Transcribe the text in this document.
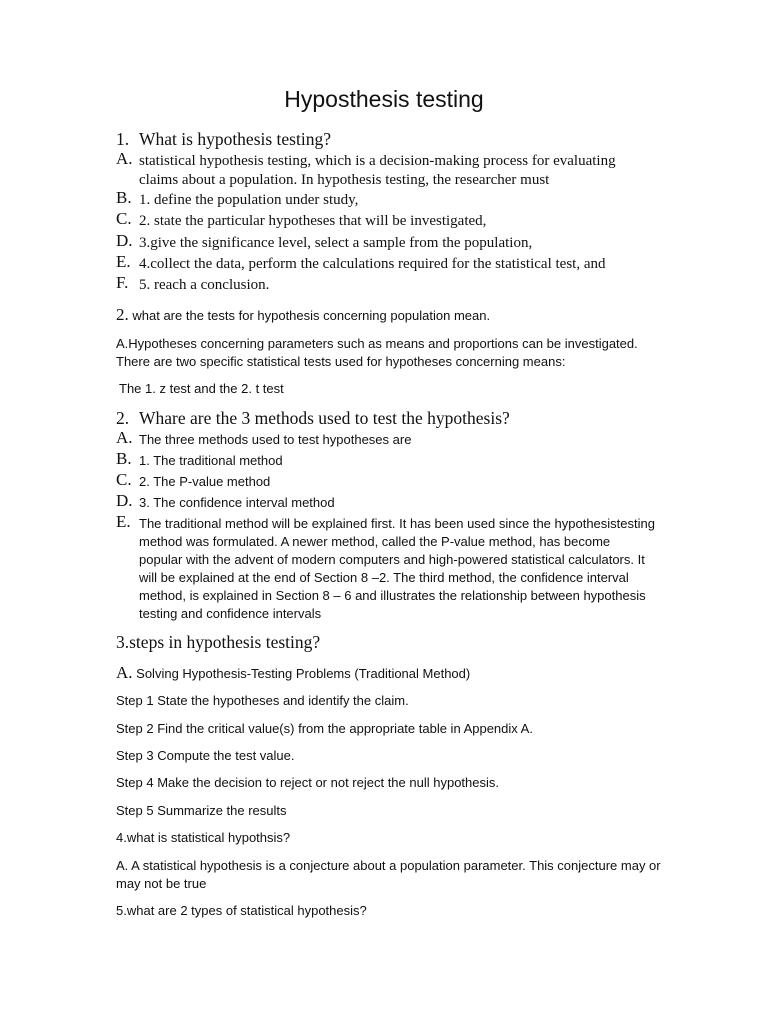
Hyposthesis testing
1. What is hypothesis testing?
A. statistical hypothesis testing, which is a decision-making process for evaluating claims about a population. In hypothesis testing, the researcher must
B. 1. define the population under study,
C. 2. state the particular hypotheses that will be investigated,
D. 3.give the significance level, select a sample from the population,
E. 4.collect the data, perform the calculations required for the statistical test, and
F. 5. reach a conclusion.
2. what are the tests for hypothesis concerning population mean.
A.Hypotheses concerning parameters such as means and proportions can be investigated. There are two specific statistical tests used for hypotheses concerning means:
The 1. z test and the 2. t test
2. Whare are the 3 methods used to test the hypothesis?
A. The three methods used to test hypotheses are
B. 1. The traditional method
C. 2. The P-value method
D. 3. The confidence interval method
E. The traditional method will be explained first. It has been used since the hypothesistesting method was formulated. A newer method, called the P-value method, has become popular with the advent of modern computers and high-powered statistical calculators. It will be explained at the end of Section 8 –2. The third method, the confidence interval method, is explained in Section 8 – 6 and illustrates the relationship between hypothesis testing and confidence intervals
3.steps in hypothesis testing?
A. Solving Hypothesis-Testing Problems (Traditional Method)
Step 1 State the hypotheses and identify the claim.
Step 2 Find the critical value(s) from the appropriate table in Appendix A.
Step 3 Compute the test value.
Step 4 Make the decision to reject or not reject the null hypothesis.
Step 5 Summarize the results
4.what is statistical hypothsis?
A. A statistical hypothesis is a conjecture about a population parameter. This conjecture may or may not be true
5.what are 2 types of statistical hypothesis?
